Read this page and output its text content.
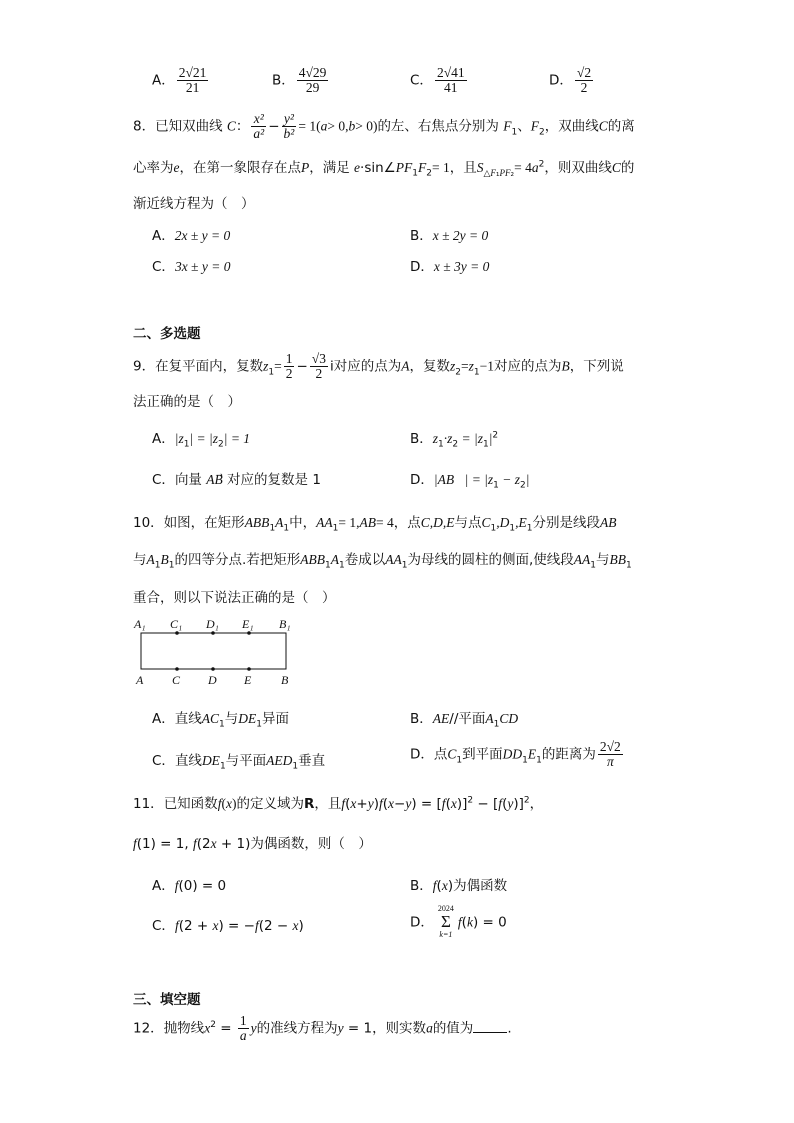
A． $\frac{2√21}{21}$	B． $\frac{4√29}{29}$	C． $\frac{2√41}{41}$	D． $\frac{√2}{2}$
8．已知双曲线 C： $\frac{\text{x²}}{\text{a²}} - \frac{\text{y²}}{\text{b²}} = 1(a> 0,b> 0)$的左、右焦点分别为 $F_1$、$F_2$，双曲线C的离
心率为e，在第一象限存在点P，满足 $e\cdot\sin\angle PF_1F_2= 1$，且$S_{\triangle F_1PF_2}= 4a^2$，则双曲线C的
渐近线方程为（　）
A．2x ± y = 0	B．x ± 2y = 0
C．3x ± y = 0	D．x ± 3y = 0
二、多选题
9．在复平面内，复数$z_1= \frac{1}{2} - \frac{√3}{2}$ i对应的点为A，复数$z_2=z_1-1$对应的点为B，下列说
法正确的是（　）
A．$|z_1| = |z_2| = 1$	B．$z_1\cdot z_2 = |z_1|^2$
C．向量 AB⃗ 对应的复数是 1	D．|AB⃗| = $|z_1 - z_2|$
10．如图，在矩形$ABB_1A_1$中，$AA_1= 1,AB= 4$，点C,D,E与点$C_1,D_1,E_1$分别是线段AB
与$A_1B_1$的四等分点.若把矩形$ABB_1A_1$卷成以$AA_1$为母线的圆柱的侧面,使线段$AA_1$与$BB_1$
重合，则以下说法正确的是（　）
A₁ C₁ D₁ E₁ B₁
A C D E B
A．直线$AC_1$与$DE_1$异面	B．AE//平面$A_1CD$
C．直线$DE_1$与平面$AED_1$垂直	D．点$C_1$到平面$DD_1E_1$的距离为 $\frac{2√2}{\pi}$
11．已知函数f(x)的定义域为R，且$f(x+y)f(x-y) = [f(x)]^2 - [f(y)]^2$，
f(1) = 1, f(2x + 1)为偶函数，则（　）
A．f(0) = 0	B．f(x)为偶函数
C．f(2 + x) = −f(2 − x)	D．
2024
Σ
k=1
f(k) = 0
三、填空题
12．抛物线$x^2 = \frac{1}{a}$ y的准线方程为y = 1，则实数a的值为	.
